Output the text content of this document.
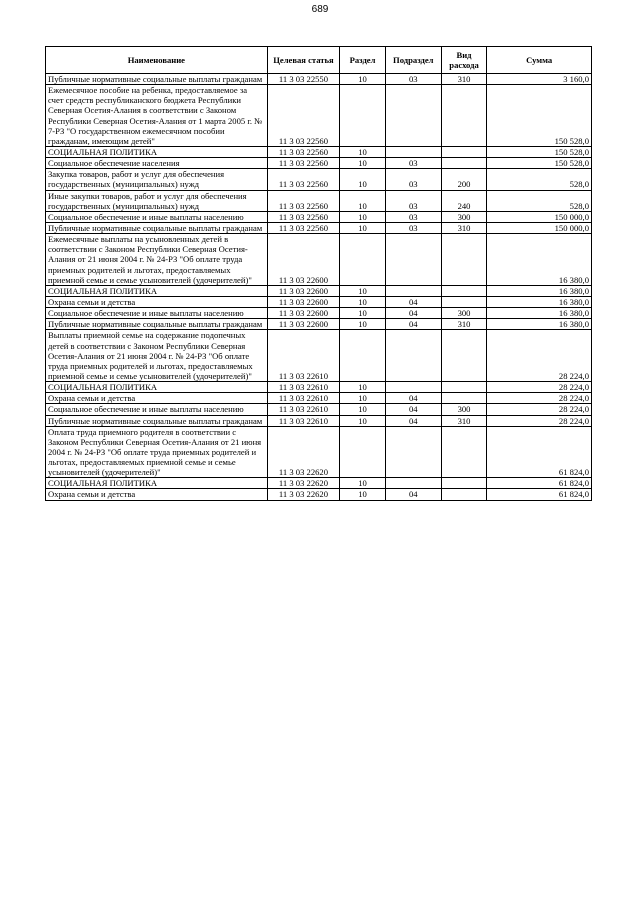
689
Наименование	Целевая статья	Раздел	Подраздел	Вид расхода	Сумма
Публичные нормативные социальные выплаты гражданам	11 3 03 22550	10	03	310	3 160,0
Ежемесячное пособие на ребенка, предоставляемое за счет средств республиканского бюджета Республики Северная Осетия-Алания в соответствии с Законом Республики Северная Осетия-Алания от 1 марта 2005 г. № 7-РЗ "О государственном ежемесячном пособии гражданам, имеющим детей"	11 3 03 22560				150 528,0
СОЦИАЛЬНАЯ ПОЛИТИКА	11 3 03 22560	10			150 528,0
Социальное обеспечение населения	11 3 03 22560	10	03		150 528,0
Закупка товаров, работ и услуг для обеспечения государственных (муниципальных) нужд	11 3 03 22560	10	03	200	528,0
Иные закупки товаров, работ и услуг для обеспечения государственных (муниципальных) нужд	11 3 03 22560	10	03	240	528,0
Социальное обеспечение и иные выплаты населению	11 3 03 22560	10	03	300	150 000,0
Публичные нормативные социальные выплаты гражданам	11 3 03 22560	10	03	310	150 000,0
Ежемесячные выплаты на усыновленных детей в соответствии с Законом Республики Северная Осетия-Алания от 21 июня 2004 г. № 24-РЗ "Об оплате труда приемных родителей и льготах, предоставляемых приемной семье и семье усыновителей (удочерителей)"	11 3 03 22600				16 380,0
СОЦИАЛЬНАЯ ПОЛИТИКА	11 3 03 22600	10			16 380,0
Охрана семьи и детства	11 3 03 22600	10	04		16 380,0
Социальное обеспечение и иные выплаты населению	11 3 03 22600	10	04	300	16 380,0
Публичные нормативные социальные выплаты гражданам	11 3 03 22600	10	04	310	16 380,0
Выплаты приемной семье на содержание подопечных детей в соответствии с Законом Республики Северная Осетия-Алания от 21 июня 2004 г. № 24-РЗ "Об оплате труда приемных родителей и льготах, предоставляемых приемной семье и семье усыновителей (удочерителей)"	11 3 03 22610				28 224,0
СОЦИАЛЬНАЯ ПОЛИТИКА	11 3 03 22610	10			28 224,0
Охрана семьи и детства	11 3 03 22610	10	04		28 224,0
Социальное обеспечение и иные выплаты населению	11 3 03 22610	10	04	300	28 224,0
Публичные нормативные социальные выплаты гражданам	11 3 03 22610	10	04	310	28 224,0
Оплата труда приемного родителя в соответствии с Законом Республики Северная Осетия-Алания от 21 июня 2004 г. № 24-РЗ "Об оплате труда приемных родителей и льготах, предоставляемых приемной семье и семье усыновителей (удочерителей)"	11 3 03 22620				61 824,0
СОЦИАЛЬНАЯ ПОЛИТИКА	11 3 03 22620	10			61 824,0
Охрана семьи и детства	11 3 03 22620	10	04		61 824,0
